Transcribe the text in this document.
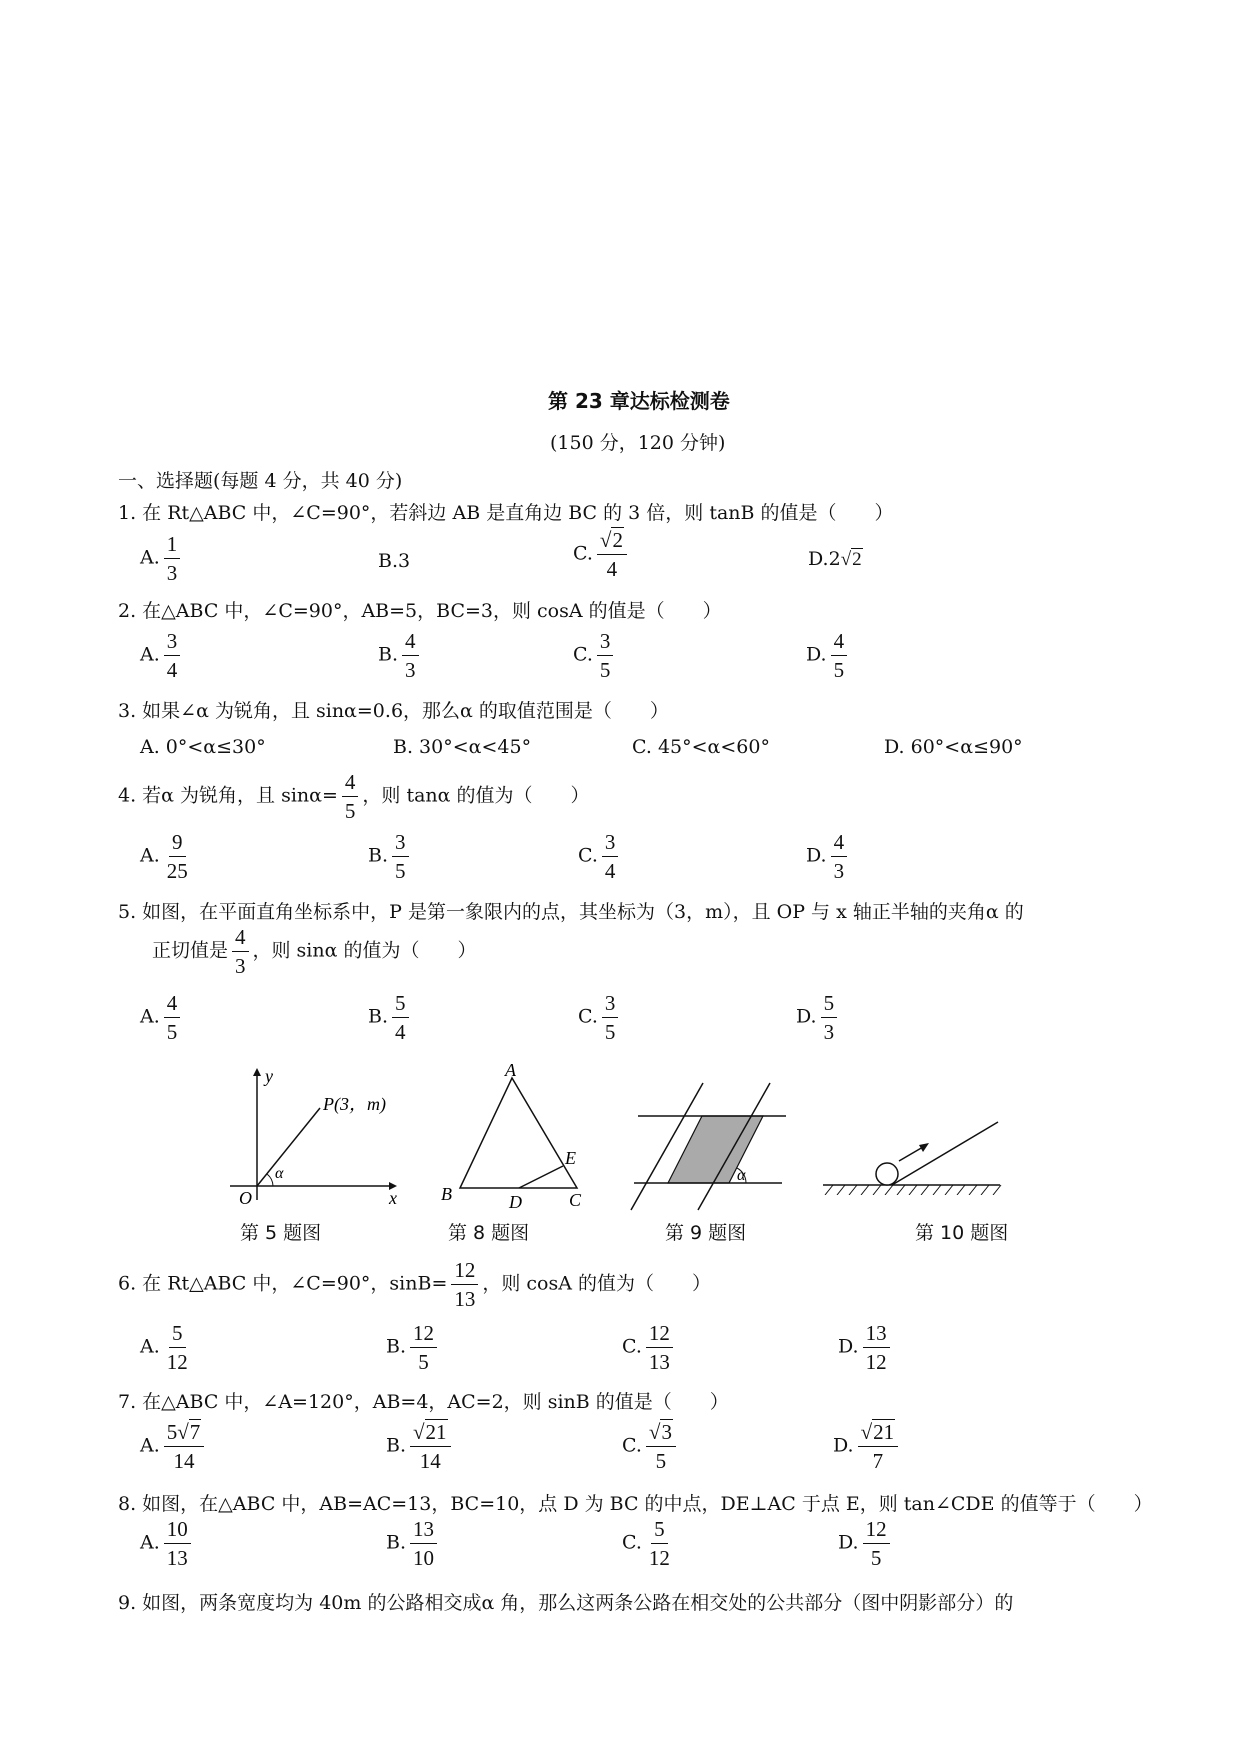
第 23 章达标检测卷
(150 分，120 分钟)
一、选择题(每题 4 分，共 40 分)
1. 在 Rt△ABC 中，∠C=90°，若斜边 AB 是直角边 BC 的 3 倍，则 tanB 的值是（　　）
A. $\frac{1}{3}$	B.3	C. $\frac{√2}{4}$	D.2√2
2. 在△ABC 中，∠C=90°，AB=5，BC=3，则 cosA 的值是（　　）
A. $\frac{3}{4}$	B. $\frac{4}{3}$	C. $\frac{3}{5}$	D. $\frac{4}{5}$
3. 如果∠α 为锐角，且 sinα=0.6，那么α 的取值范围是（　　）
A. 0°<α≤30°	B. 30°<α<45°	C. 45°<α<60°	D. 60°<α≤90°
4. 若α 为锐角，且 $\sin\alpha= \frac{4}{5}$ ，则 tanα 的值为（　　）
A. $\frac{9}{25}$	B. $\frac{3}{5}$	C. $\frac{3}{4}$	D. $\frac{4}{3}$
5. 如图，在平面直角坐标系中，P 是第一象限内的点，其坐标为（3，m），且 OP 与 x 轴正半轴的夹角α 的
正切值是 $\frac{4}{3}$ ，则 sinα 的值为（　　）
A. $\frac{4}{5}$	B. $\frac{5}{4}$	C. $\frac{3}{5}$	D. $\frac{5}{3}$
y
P(3，m)
α
O	x
第 5 题图
A
B	C
D
E
第 8 题图
α
第 9 题图	第 10 题图
6. 在 Rt△ABC 中，∠C=90°，$\sin B= \frac{12}{13}$ ，则 cosA 的值为（　　）
A. $\frac{5}{12}$	B. $\frac{12}{5}$	C. $\frac{12}{13}$	D. $\frac{13}{12}$
7. 在△ABC 中，∠A=120°，AB=4，AC=2，则 sinB 的值是（　　）
A. $\frac{5√7}{14}$	B. $\frac{√21}{14}$	C. $\frac{√3}{5}$	D. $\frac{√21}{7}$
8. 如图，在△ABC 中，AB=AC=13，BC=10，点 D 为 BC 的中点，DE⊥AC 于点 E，则 tan∠CDE 的值等于（　　）
A. $\frac{10}{13}$	B. $\frac{13}{10}$	C. $\frac{5}{12}$	D. $\frac{12}{5}$
9. 如图，两条宽度均为 40m 的公路相交成α 角，那么这两条公路在相交处的公共部分（图中阴影部分）的
